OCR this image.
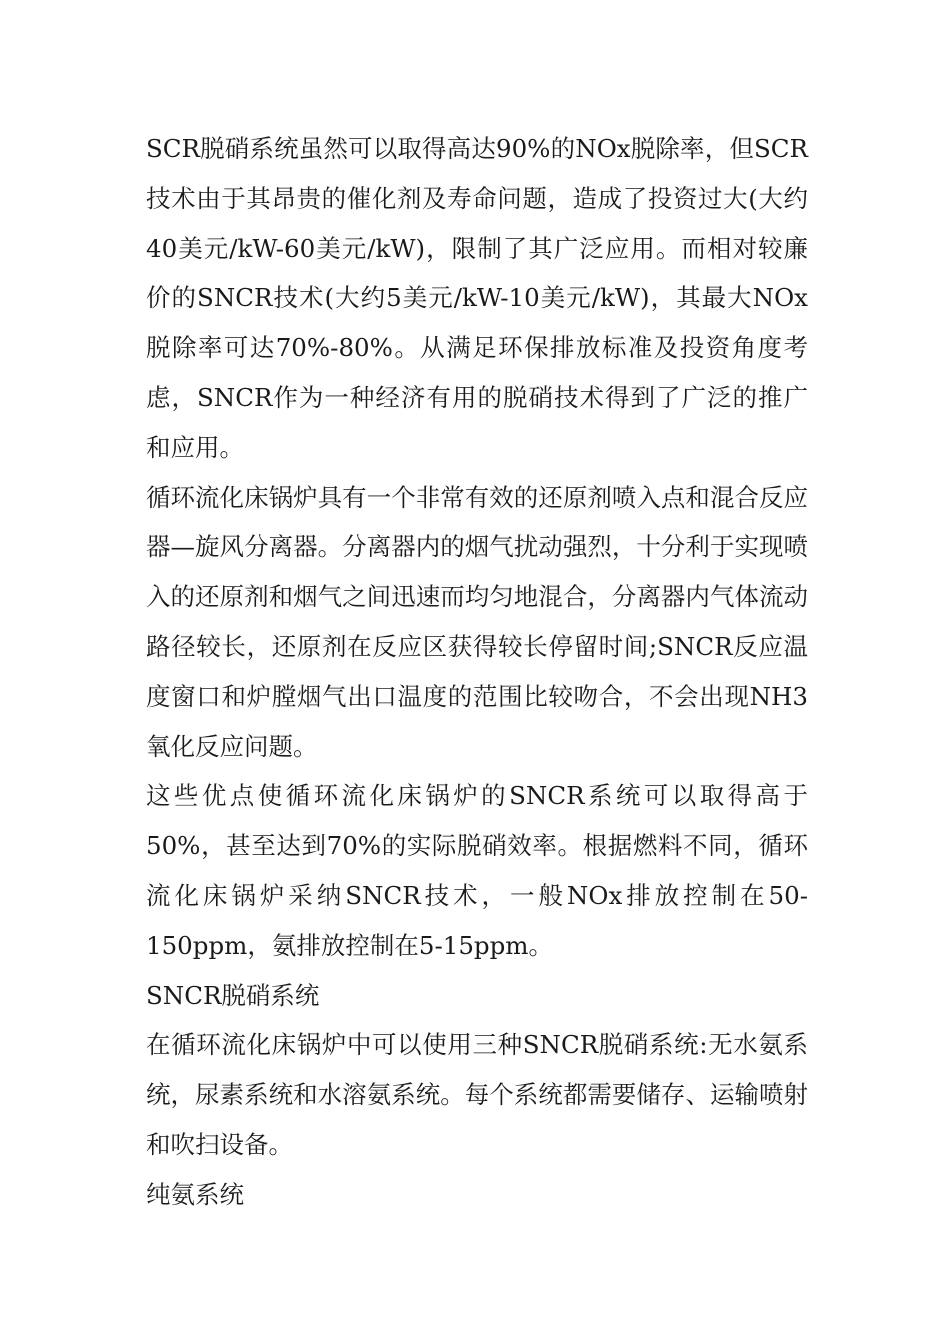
SCR脱硝系统虽然可以取得高达90%的NOx脱除率，但SCR技术由于其昂贵的催化剂及寿命问题，造成了投资过大(大约40美元/kW-60美元/kW)，限制了其广泛应用。而相对较廉价的SNCR技术(大约5美元/kW-10美元/kW)，其最大NOx脱除率可达70%-80%。从满足环保排放标准及投资角度考虑，SNCR作为一种经济有用的脱硝技术得到了广泛的推广和应用。

循环流化床锅炉具有一个非常有效的还原剂喷入点和混合反应器—旋风分离器。分离器内的烟气扰动强烈，十分利于实现喷入的还原剂和烟气之间迅速而均匀地混合，分离器内气体流动路径较长，还原剂在反应区获得较长停留时间;SNCR反应温度窗口和炉膛烟气出口温度的范围比较吻合，不会出现NH3氧化反应问题。

这些优点使循环流化床锅炉的SNCR系统可以取得高于50%，甚至达到70%的实际脱硝效率。根据燃料不同，循环流化床锅炉采纳SNCR技术，一般NOx排放控制在50-150ppm，氨排放控制在5-15ppm。

SNCR脱硝系统

在循环流化床锅炉中可以使用三种SNCR脱硝系统:无水氨系统，尿素系统和水溶氨系统。每个系统都需要储存、运输喷射和吹扫设备。

纯氨系统
